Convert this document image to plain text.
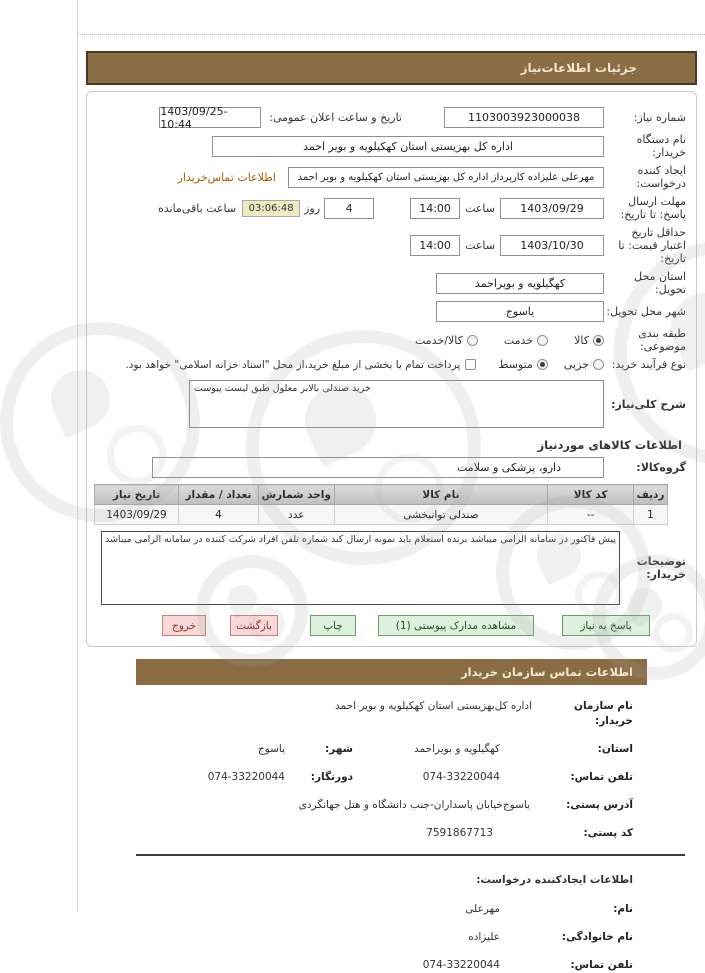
جزئیات اطلاعات‌نیاز
شماره نیاز:
1103003923000038
تاریخ و ساعت اعلان عمومی:
1403/09/25- 10:44
نام دستگاه خریدار:
اداره کل بهزیستی استان کهکیلویه و بویر احمد
ایجاد کننده درخواست:
مهرعلی علیزاده کارپرداز اداره کل بهزیستی استان کهکیلویه و بویر احمد
اطلاعات تماس‌خریدار
مهلت ارسال پاسخ: تا تاریخ:
1403/09/29
ساعت
14:00
4
روز
03:06:48
ساعت باقی‌مانده
حداقل تاریخ اعتبار قیمت: تا تاریخ:
1403/10/30
ساعت
14:00
استان محل تحویل:
کهگیلویه و بویراحمد
شهر محل تحویل:
یاسوج
طبقه بندی موضوعی:
کالا
خدمت
کالا/خدمت
نوع فرآیند خرید:
جزیی
متوسط
پرداخت تمام یا بخشی از مبلغ خرید،از محل "اسناد خزانه اسلامی" خواهد بود.
شرح کلی‌نیاز:
خرید صندلی بالابر معلول طبق لیست پیوست
اطلاعات کالاهای موردنیاز
گروه‌کالا:
دارو، پزشکی و سلامت
ردیف	کد کالا	نام کالا	واحد شمارش	تعداد / مقدار	تاریخ نیاز
1	--	صندلی توانبخشی	عدد	4	1403/09/29
توضیحات خریدار:
پیش فاکتور در سامانه الزامی میباشد برنده استعلام باید نمونه ارسال کند شماره تلفن افراد شرکت کننده در سامانه الزامی میباشد
پاسخ به نیاز
مشاهده مدارک پیوستی (1)
چاپ
بازگشت
خروج
اطلاعات تماس سازمان خریدار
نام سازمان خریدار:
اداره کل‌بهزیستی استان کهکیلویه و بویر احمد
استان:
کهگیلویه و بویراحمد
شهر:
یاسوج
تلفن تماس:
074-33220044
دورنگار:
074-33220044
آدرس پستی:
یاسوج‌خیابان پاسداران-جنب دانشگاه و هتل جهانگردی
کد پستی:
7591867713
اطلاعات ایجادکننده درخواست:
نام:
مهرعلی
نام خانوادگی:
علیزاده
تلفن تماس:
074-33220044
